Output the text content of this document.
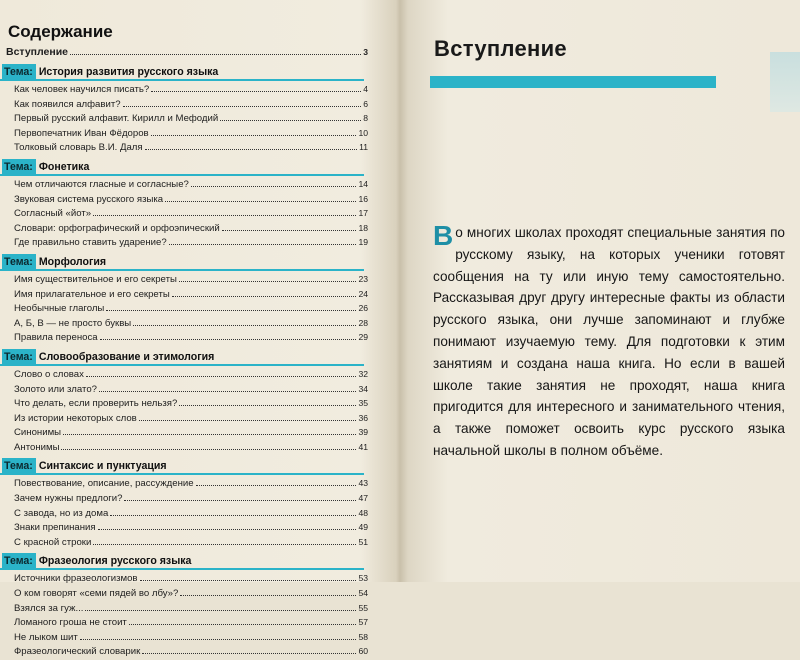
Содержание
Вступление	3
Тема: История развития русского языка
Как человек научился писать?	4
Как появился алфавит?	6
Первый русский алфавит. Кирилл и Мефодий	8
Первопечатник Иван Фёдоров	10
Толковый словарь В.И. Даля	11
Тема: Фонетика
Чем отличаются гласные и согласные?	14
Звуковая система русского языка	16
Согласный «йот»	17
Словари: орфографический и орфоэпический	18
Где правильно ставить ударение?	19
Тема: Морфология
Имя существительное и его секреты	23
Имя прилагательное и его секреты	24
Необычные глаголы	26
А, Б, В — не просто буквы	28
Правила переноса	29
Тема: Словообразование и этимология
Слово о словах	32
Золото или злато?	34
Что делать, если проверить нельзя?	35
Из истории некоторых слов	36
Синонимы	39
Антонимы	41
Тема: Синтаксис и пунктуация
Повествование, описание, рассуждение	43
Зачем нужны предлоги?	47
С завода, но из дома	48
Знаки препинания	49
С красной строки	51
Тема: Фразеология русского языка
Источники фразеологизмов	53
О ком говорят «семи пядей во лбу»?	54
Взялся за гуж...	55
Ломаного гроша не стоит	57
Не лыком шит	58
Фразеологический словарик	60
Вступление
Во многих школах проходят специальные занятия по русскому языку, на которых ученики готовят сообщения на ту или иную тему самостоятельно. Рассказывая друг другу интересные факты из области русского языка, они лучше запоминают и глубже понимают изучаемую тему. Для подготовки к этим занятиям и создана наша книга. Но если в вашей школе такие занятия не проходят, наша книга пригодится для интересного и занимательного чтения, а также поможет освоить курс русского языка начальной школы в полном объёме.
